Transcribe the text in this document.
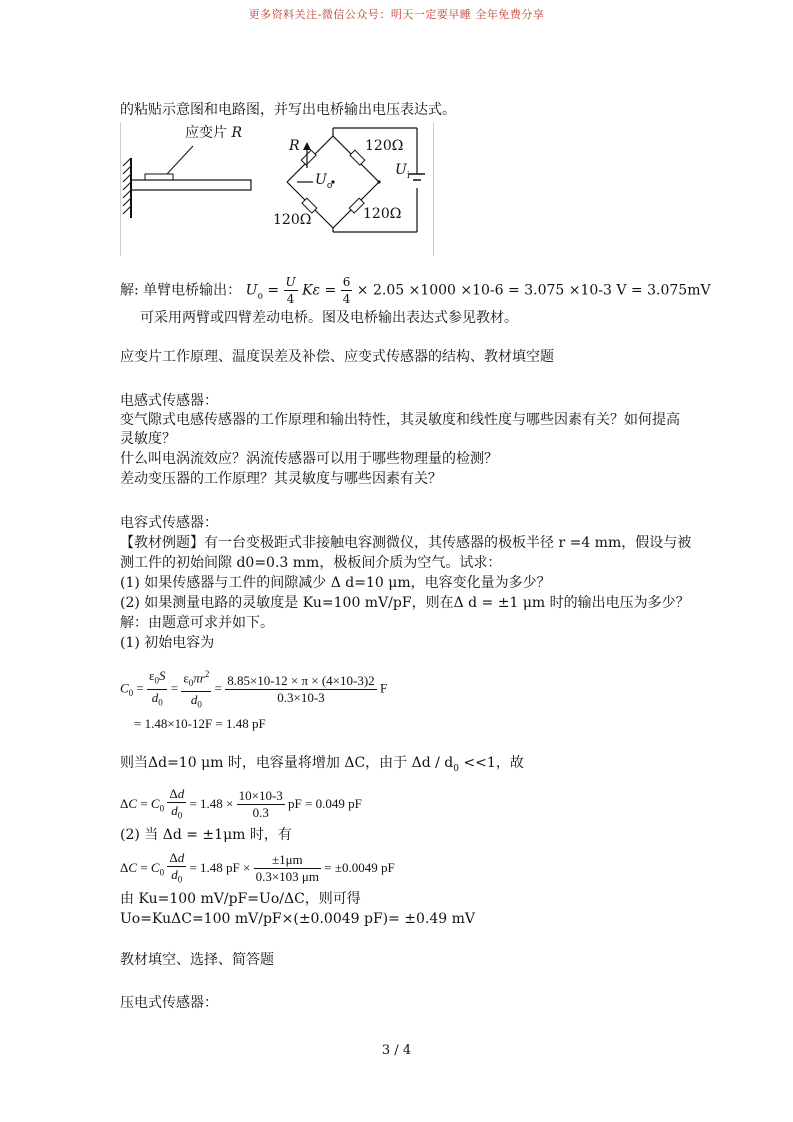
更多资料关注-微信公众号：明天一定要早睡 全年免费分享
的粘贴示意图和电路图，并写出电桥输出电压表达式。
应变片 R
R	120Ω
120Ω	120Ω
$U_o$
$U_i$
解: 单臂电桥输出： $U_o = \frac{U}{4}$ $K\varepsilon = \frac{6}{4} \times 2.05 \times 1000 \times 10-6 = 3.075 \times 10-3$ V = 3.075mV
可采用两臂或四臂差动电桥。图及电桥输出表达式参见教材。
应变片工作原理、温度误差及补偿、应变式传感器的结构、教材填空题
电感式传感器：
变气隙式电感传感器的工作原理和输出特性，其灵敏度和线性度与哪些因素有关？如何提高
灵敏度？
什么叫电涡流效应？涡流传感器可以用于哪些物理量的检测？
差动变压器的工作原理？其灵敏度与哪些因素有关？
电容式传感器：
【教材例题】有一台变极距式非接触电容测微仪，其传感器的极板半径 r =4 mm，假设与被
测工件的初始间隙 d0=0.3 mm，极板间介质为空气。试求：
(1) 如果传感器与工件的间隙减少 Δ d=10 μm，电容变化量为多少？
(2) 如果测量电路的灵敏度是 Ku=100 mV/pF，则在Δ d = ±1 μm 时的输出电压为多少？
解：由题意可求并如下。
(1) 初始电容为
$C_0 = \frac{\varepsilon_0S}{d_0} = \frac{\varepsilon_0\pi r^2}{d_0} = \frac{8.85\times 10-12 \times \pi \times (4\times 10-3)2}{0.3\times 10-3}$ F
= 1.48×10-12F = 1.48 pF
则当Δd=10 μm 时，电容量将增加 ΔC，由于 $\Delta d / d_0 <<1$，故
$\Delta C = C_0 \frac{\Delta d}{d_0} = 1.48 \times \frac{10\times 10-3}{0.3}$ pF = 0.049 pF
(2) 当 Δd = ±1μm 时，有
$\Delta C = C_0 \frac{\Delta d}{d_0} = 1.48$ pF × $\frac{\pm 1\mu m}{0.3\times 103 \mu m} = \pm 0.0049$ pF
由 Ku=100 mV/pF=Uo/ΔC，则可得
Uo=KuΔC=100 mV/pF×(±0.0049 pF)= ±0.49 mV
教材填空、选择、简答题
压电式传感器：
3 / 4
